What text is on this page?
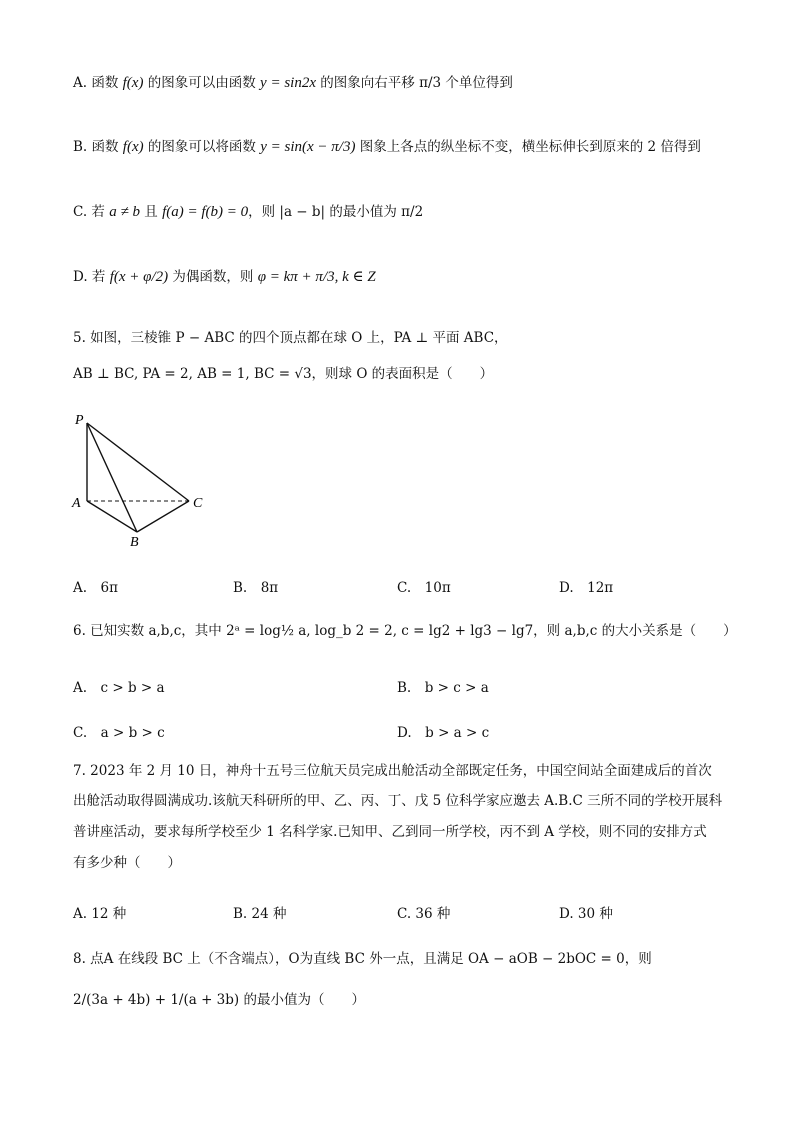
A. 函数 f(x) 的图象可以由函数 y = sin2x 的图象向右平移 π/3 个单位得到
B. 函数 f(x) 的图象可以将函数 y = sin(x − π/3) 图象上各点的纵坐标不变，横坐标伸长到原来的 2 倍得到
C. 若 a ≠ b 且 f(a) = f(b) = 0，则 |a − b| 的最小值为 π/2
D. 若 f(x + φ/2) 为偶函数，则 φ = kπ + π/3, k ∈ Z
5. 如图，三棱锥 P − ABC 的四个顶点都在球 O 上，PA ⊥ 平面 ABC，
AB ⊥ BC, PA = 2, AB = 1, BC = √3，则球 O 的表面积是（　　）
P
A
B
C
A.　6π	B.　8π	C.　10π	D.　12π
6. 已知实数 a,b,c，其中 2ᵃ = log½ a, log_b 2 = 2, c = lg2 + lg3 − lg7，则 a,b,c 的大小关系是（　　）
A.　c > b > a	B.　b > c > a
C.　a > b > c	D.　b > a > c
7. 2023 年 2 月 10 日，神舟十五号三位航天员完成出舱活动全部既定任务，中国空间站全面建成后的首次
出舱活动取得圆满成功.该航天科研所的甲、乙、丙、丁、戊 5 位科学家应邀去 A.B.C 三所不同的学校开展科
普讲座活动，要求每所学校至少 1 名科学家.已知甲、乙到同一所学校，丙不到 A 学校，则不同的安排方式
有多少种（　　）
A. 12 种	B. 24 种	C. 36 种	D. 30 种
8. 点A 在线段 BC 上（不含端点），O为直线 BC 外一点，且满足 OA − aOB − 2bOC = 0，则
2/(3a + 4b) + 1/(a + 3b) 的最小值为（　　）
